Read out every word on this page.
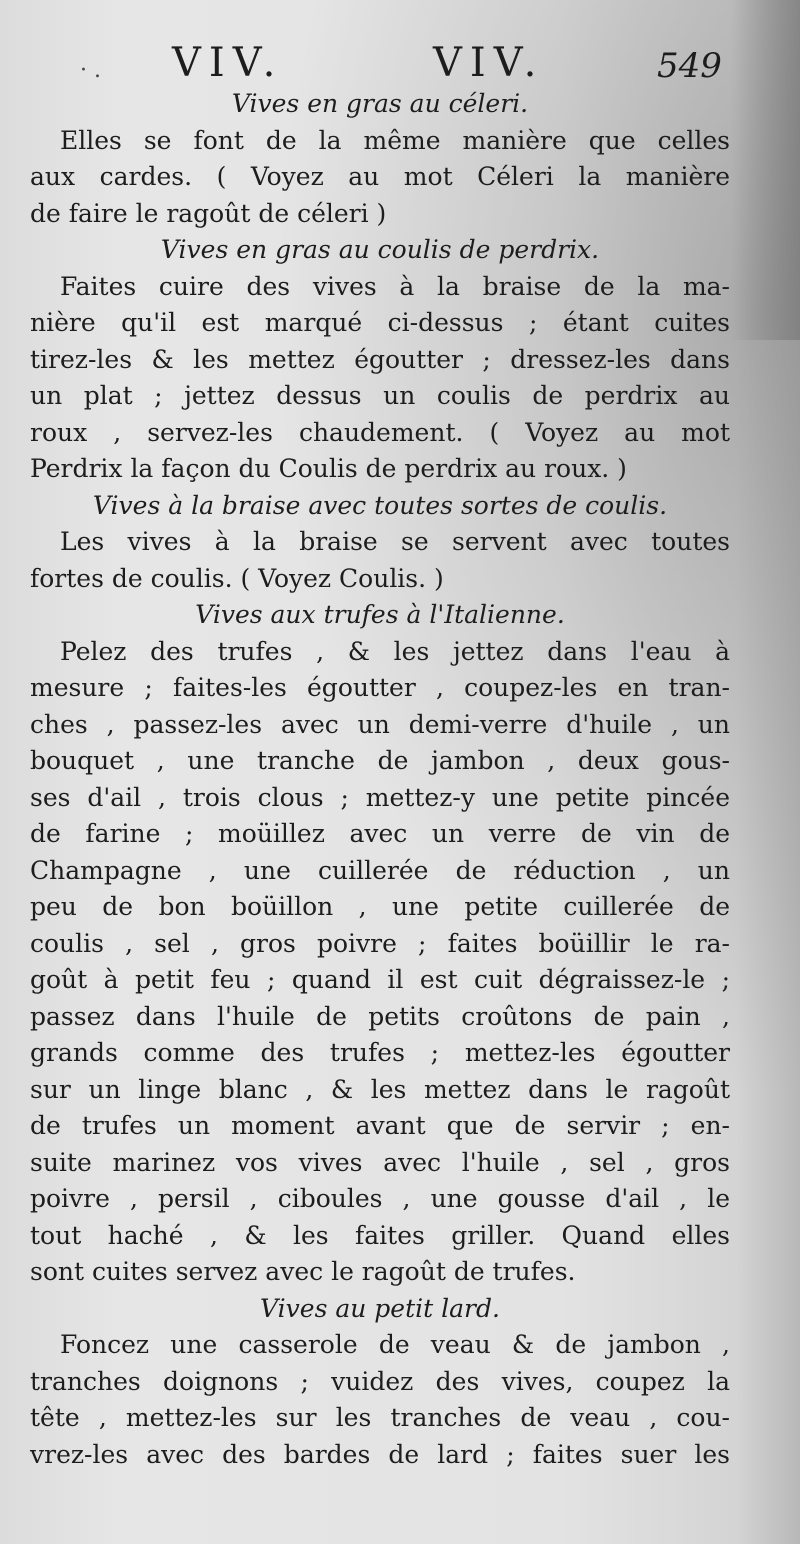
· . VIV.	VIV.	549
Vives en gras au céleri.
Elles se font de la même manière que celles
aux cardes. ( Voyez au mot Céleri la manière
de faire le ragoût de céleri )
Vives en gras au coulis de perdrix.
Faites cuire des vives à la braise de la ma-
nière qu'il est marqué ci-dessus ; étant cuites
tirez-les & les mettez égoutter ; dressez-les dans
un plat ; jettez dessus un coulis de perdrix au
roux , servez-les chaudement. ( Voyez au mot
Perdrix la façon du Coulis de perdrix au roux. )
Vives à la braise avec toutes sortes de coulis.
Les vives à la braise se servent avec toutes
fortes de coulis. ( Voyez Coulis. )
Vives aux trufes à l'Italienne.
Pelez des trufes , & les jettez dans l'eau à
mesure ; faites-les égoutter , coupez-les en tran-
ches , passez-les avec un demi-verre d'huile , un
bouquet , une tranche de jambon , deux gous-
ses d'ail , trois clous ; mettez-y une petite pincée
de farine ; moüillez avec un verre de vin de
Champagne , une cuillerée de réduction , un
peu de bon boüillon , une petite cuillerée de
coulis , sel , gros poivre ; faites boüillir le ra-
goût à petit feu ; quand il est cuit dégraissez-le ;
passez dans l'huile de petits croûtons de pain ,
grands comme des trufes ; mettez-les égoutter
sur un linge blanc , & les mettez dans le ragoût
de trufes un moment avant que de servir ; en-
suite marinez vos vives avec l'huile , sel , gros
poivre , persil , ciboules , une gousse d'ail , le
tout haché , & les faites griller. Quand elles
sont cuites servez avec le ragoût de trufes.
Vives au petit lard.
Foncez une casserole de veau & de jambon ,
tranches doignons ; vuidez des vives, coupez la
tête , mettez-les sur les tranches de veau , cou-
vrez-les avec des bardes de lard ; faites suer les
